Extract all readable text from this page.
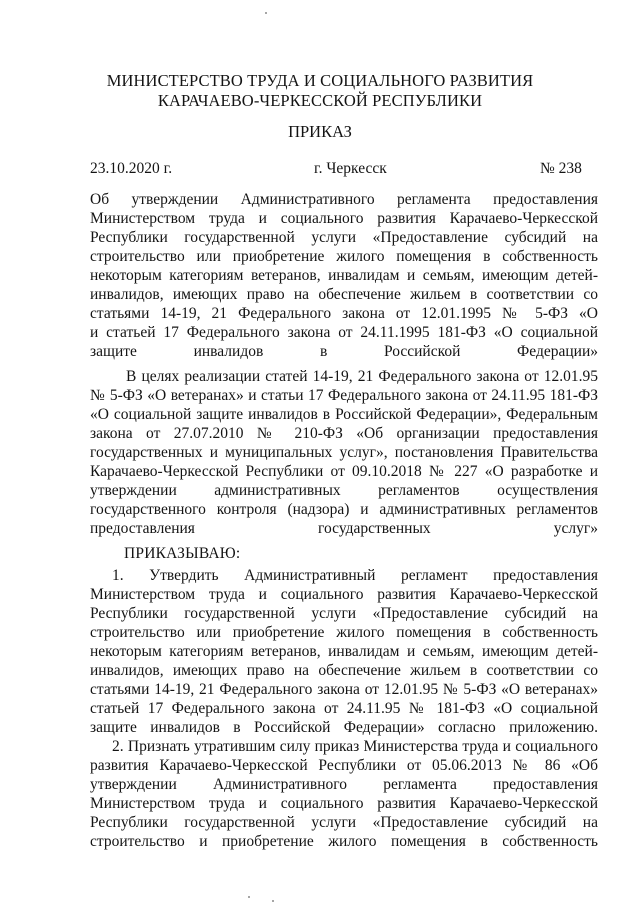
МИНИСТЕРСТВО ТРУДА И СОЦИАЛЬНОГО РАЗВИТИЯ
КАРАЧАЕВО-ЧЕРКЕССКОЙ РЕСПУБЛИКИ
ПРИКАЗ
23.10.2020 г.	г. Черкесск	№ 238
Об утверждении Административного регламента предоставления
Министерством труда и социального развития Карачаево-Черкесской
Республики государственной услуги «Предоставление субсидий на
строительство или приобретение жилого помещения в собственность
некоторым категориям ветеранов, инвалидам и семьям, имеющим детей-
инвалидов, имеющих право на обеспечение жильем в соответствии со
статьями 14-19, 21 Федерального закона от 12.01.1995 № 5-ФЗ «О
и статьей 17 Федерального закона от 24.11.1995 181-ФЗ «О социальной
защите инвалидов в Российской Федерации»
В целях реализации статей 14-19, 21 Федерального закона от 12.01.95
№ 5-ФЗ «О ветеранах» и статьи 17 Федерального закона от 24.11.95 181-ФЗ
«О социальной защите инвалидов в Российской Федерации», Федеральным
закона от 27.07.2010 № 210-ФЗ «Об организации предоставления
государственных и муниципальных услуг», постановления Правительства
Карачаево-Черкесской Республики от 09.10.2018 № 227 «О разработке и
утверждении административных регламентов осуществления
государственного контроля (надзора) и административных регламентов
предоставления государственных услуг»
ПРИКАЗЫВАЮ:
1. Утвердить Административный регламент предоставления
Министерством труда и социального развития Карачаево-Черкесской
Республики государственной услуги «Предоставление субсидий на
строительство или приобретение жилого помещения в собственность
некоторым категориям ветеранов, инвалидам и семьям, имеющим детей-
инвалидов, имеющих право на обеспечение жильем в соответствии со
статьями 14-19, 21 Федерального закона от 12.01.95 № 5-ФЗ «О ветеранах»
статьей 17 Федерального закона от 24.11.95 № 181-ФЗ «О социальной
защите инвалидов в Российской Федерации» согласно приложению.
2. Признать утратившим силу приказ Министерства труда и социального
развития Карачаево-Черкесской Республики от 05.06.2013 № 86 «Об
утверждении Административного регламента предоставления
Министерством труда и социального развития Карачаево-Черкесской
Республики государственной услуги «Предоставление субсидий на
строительство и приобретение жилого помещения в собственность
